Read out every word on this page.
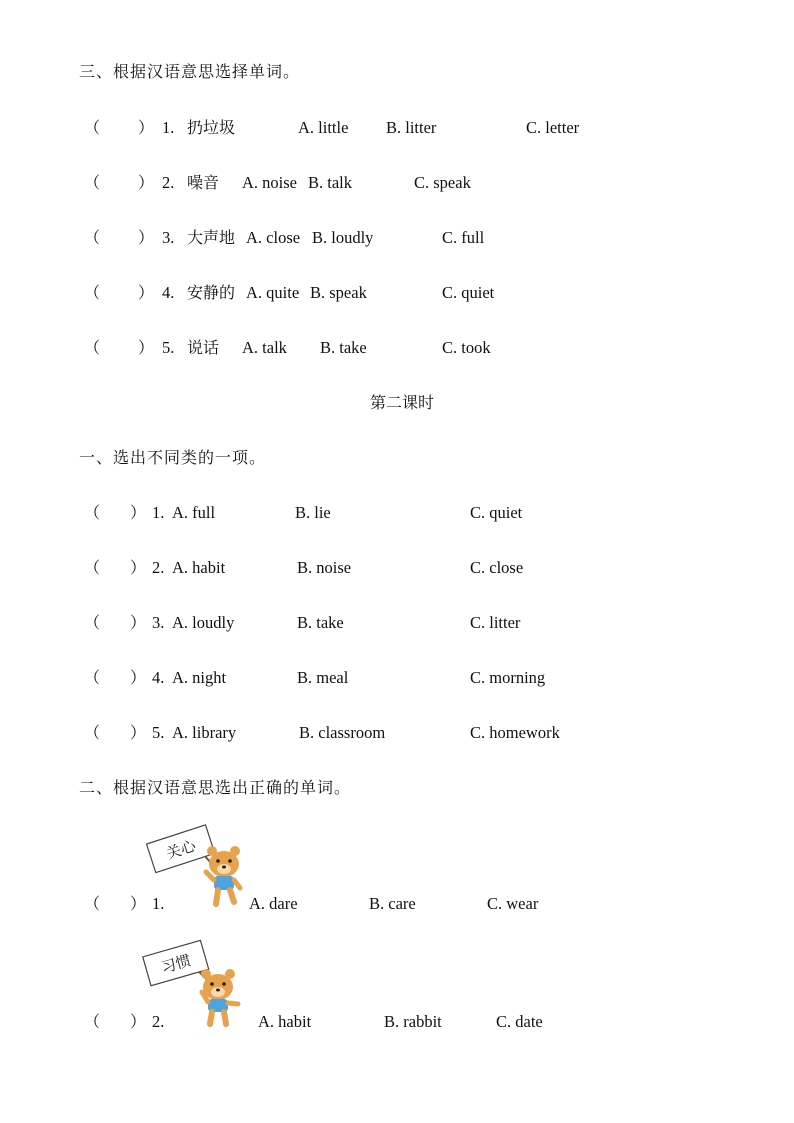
三、根据汉语意思选择单词。
（ ） 1. 扔垃圾	A. little B. litter	C. letter
（ ） 2. 噪音 A. noise B. talk	C. speak
（ ） 3. 大声地 A. close B. loudly	C. full
（ ） 4. 安静的 A. quite B. speak	C. quiet
（ ） 5. 说话 A. talk B. take	C. took
第二课时
一、选出不同类的一项。
（ ） 1. A. full	B. lie	C. quiet
（ ） 2. A. habit	B. noise	C. close
（ ） 3. A. loudly	B. take	C. litter
（ ） 4. A. night	B. meal	C. morning
（ ） 5. A. library	B. classroom	C. homework
二、根据汉语意思选出正确的单词。
关心
（ ） 1.	A. dare	B. care	C. wear
习惯
（ ） 2.	A. habit	B. rabbit	C. date
